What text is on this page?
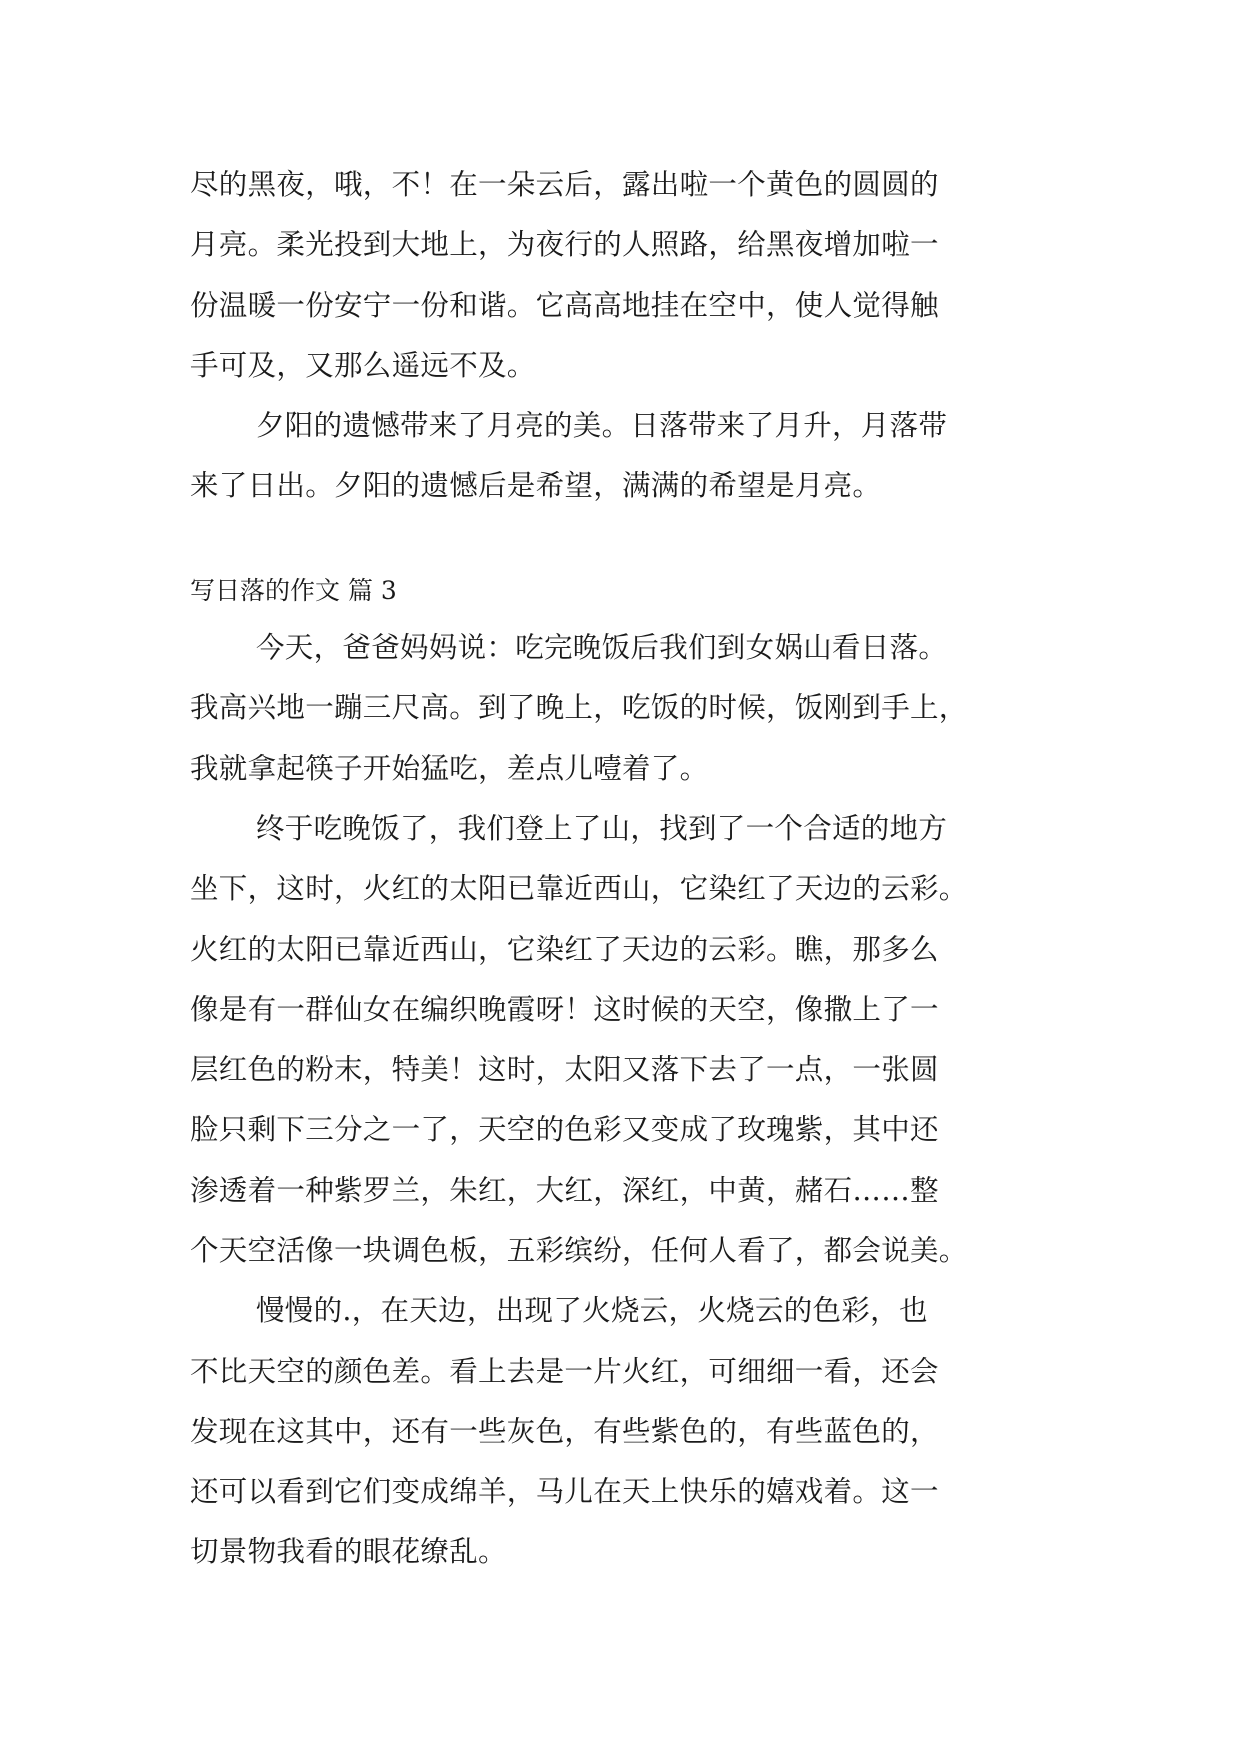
尽的黑夜，哦，不！在一朵云后，露出啦一个黄色的圆圆的

月亮。柔光投到大地上，为夜行的人照路，给黑夜增加啦一

份温暖一份安宁一份和谐。它高高地挂在空中，使人觉得触

手可及，又那么遥远不及。

夕阳的遗憾带来了月亮的美。日落带来了月升，月落带

来了日出。夕阳的遗憾后是希望，满满的希望是月亮。

写日落的作文 篇 3

今天，爸爸妈妈说：吃完晚饭后我们到女娲山看日落。

我高兴地一蹦三尺高。到了晚上，吃饭的时候，饭刚到手上，

我就拿起筷子开始猛吃，差点儿噎着了。

终于吃晚饭了，我们登上了山，找到了一个合适的地方

坐下，这时，火红的太阳已靠近西山，它染红了天边的云彩。

火红的太阳已靠近西山，它染红了天边的云彩。瞧，那多么

像是有一群仙女在编织晚霞呀！这时候的天空，像撒上了一

层红色的粉末，特美！这时，太阳又落下去了一点，一张圆

脸只剩下三分之一了，天空的色彩又变成了玫瑰紫，其中还

渗透着一种紫罗兰，朱红，大红，深红，中黄，赭石……整

个天空活像一块调色板，五彩缤纷，任何人看了，都会说美。

慢慢的.，在天边，出现了火烧云，火烧云的色彩，也

不比天空的颜色差。看上去是一片火红，可细细一看，还会

发现在这其中，还有一些灰色，有些紫色的，有些蓝色的，

还可以看到它们变成绵羊，马儿在天上快乐的嬉戏着。这一

切景物我看的眼花缭乱。
